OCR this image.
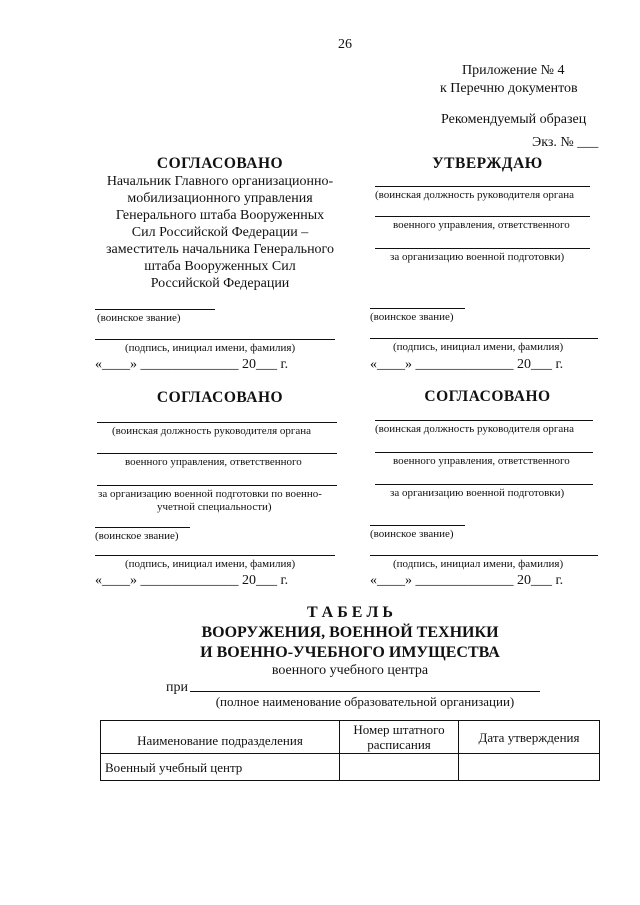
26
Приложение № 4
к Перечню документов
Рекомендуемый образец
Экз. № ___
СОГЛАСОВАНО
Начальник Главного организационно-
мобилизационного управления
Генерального штаба Вооруженных
Сил Российской Федерации –
заместитель начальника Генерального
штаба Вооруженных Сил
Российской Федерации
(воинское звание)
(подпись, инициал имени, фамилия)
«____» ______________ 20___ г.
УТВЕРЖДАЮ
(воинская должность руководителя органа
военного управления, ответственного
за организацию военной подготовки)
(воинское звание)
(подпись, инициал имени, фамилия)
«____» ______________ 20___ г.
СОГЛАСОВАНО
(воинская должность руководителя органа
военного управления, ответственного
за организацию военной подготовки по военно-
учетной специальности)
(воинское звание)
(подпись, инициал имени, фамилия)
«____» ______________ 20___ г.
СОГЛАСОВАНО
(воинская должность руководителя органа
военного управления, ответственного
за организацию военной подготовки)
(воинское звание)
(подпись, инициал имени, фамилия)
«____» ______________ 20___ г.
Т А Б Е Л Ь
ВООРУЖЕНИЯ, ВОЕННОЙ ТЕХНИКИ
И ВОЕННО-УЧЕБНОГО ИМУЩЕСТВА
военного учебного центра
при
(полное наименование образовательной организации)
Наименование подразделения	Номер штатного расписания	Дата утверждения
Военный учебный центр		
